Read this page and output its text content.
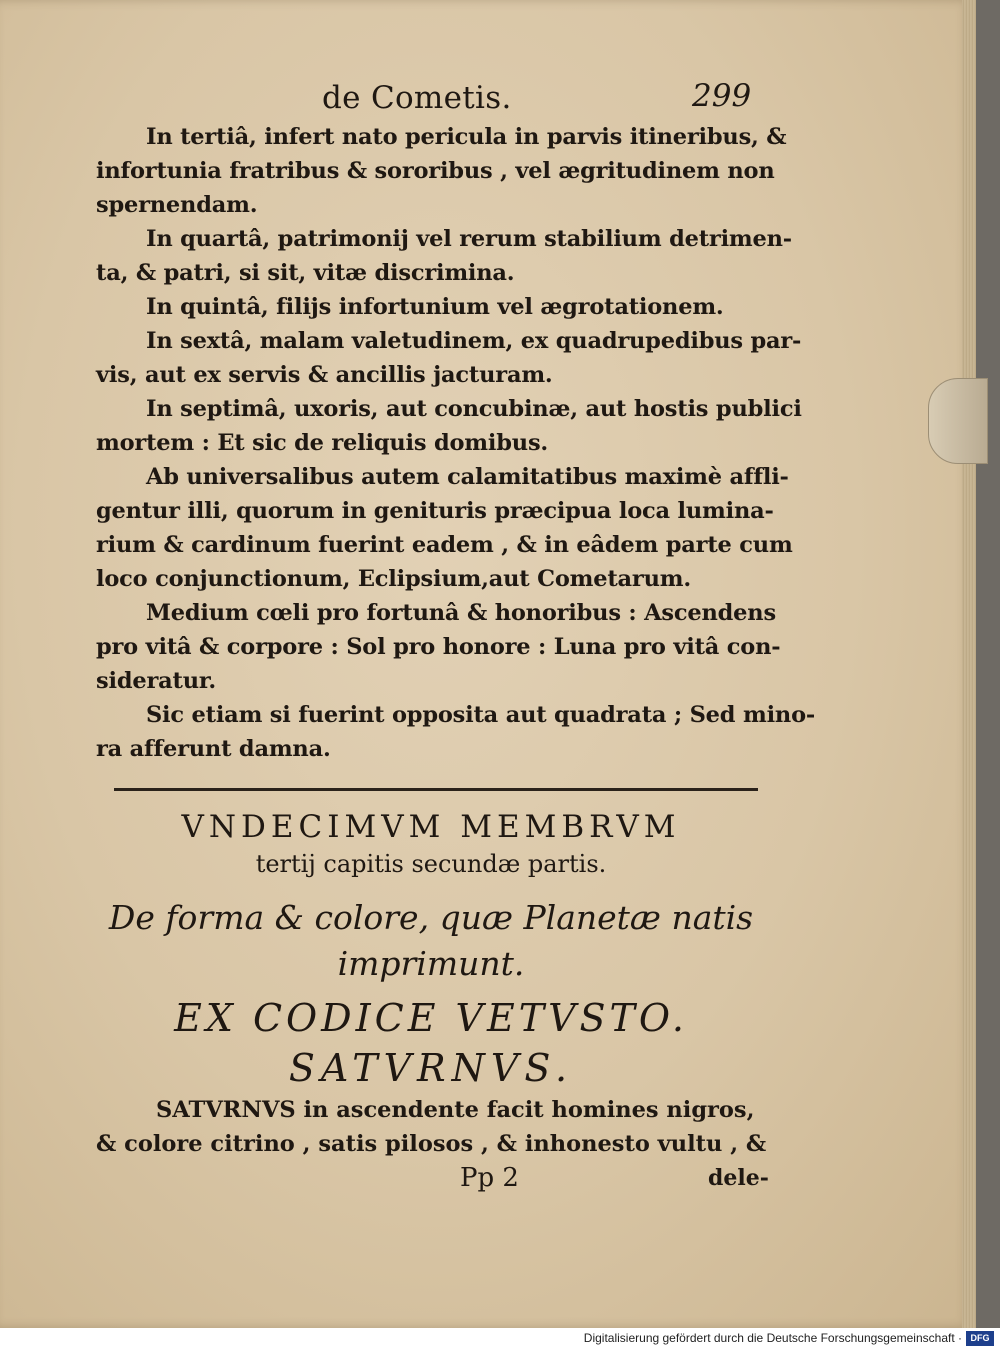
de Cometis.	299
In tertiâ, infert nato pericula in parvis itineribus, &
infortunia fratribus & sororibus , vel ægritudinem non
spernendam.
In quartâ, patrimonij vel rerum stabilium detrimen-
ta, & patri, si sit, vitæ discrimina.
In quintâ, filijs infortunium vel ægrotationem.
In sextâ, malam valetudinem, ex quadrupedibus par-
vis, aut ex servis & ancillis jacturam.
In septimâ, uxoris, aut concubinæ, aut hostis publici
mortem : Et sic de reliquis domibus.
Ab universalibus autem calamitatibus maximè affli-
gentur illi, quorum in genituris præcipua loca lumina-
rium & cardinum fuerint eadem , & in eâdem parte cum
loco conjunctionum, Eclipsium,aut Cometarum.
Medium cœli pro fortunâ & honoribus : Ascendens
pro vitâ & corpore : Sol pro honore : Luna pro vitâ con-
sideratur.
Sic etiam si fuerint opposita aut quadrata ; Sed mino-
ra afferunt damna.
VNDECIMVM MEMBRVM
tertij capitis secundæ partis.
De forma & colore, quæ Planetæ natis
imprimunt.
EX CODICE VETVSTO.
SATVRNVS.
SATVRNVS in ascendente facit homines nigros,
& colore citrino , satis pilosos , & inhonesto vultu , &
Pp 2	dele-
Digitalisierung gefördert durch die Deutsche Forschungsgemeinschaft · DFG
